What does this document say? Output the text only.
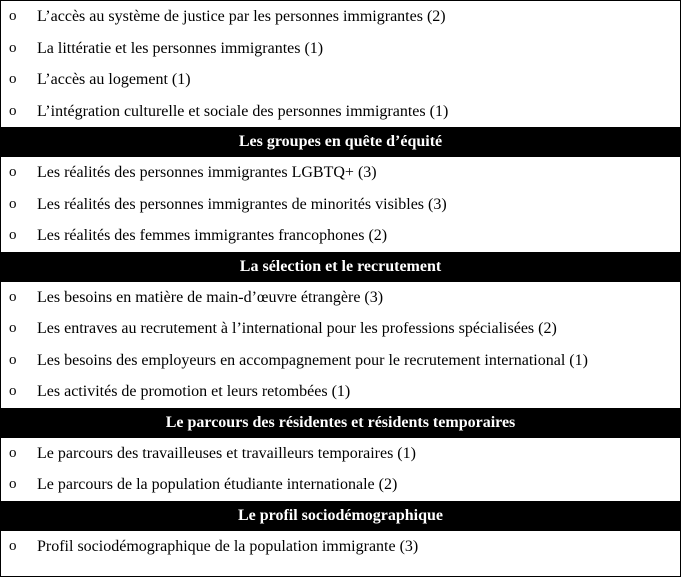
o L’accès au système de justice par les personnes immigrantes (2)
o La littératie et les personnes immigrantes (1)
o L’accès au logement (1)
o L’intégration culturelle et sociale des personnes immigrantes (1)
Les groupes en quête d’équité
o Les réalités des personnes immigrantes LGBTQ+ (3)
o Les réalités des personnes immigrantes de minorités visibles (3)
o Les réalités des femmes immigrantes francophones (2)
La sélection et le recrutement
o Les besoins en matière de main-d’œuvre étrangère (3)
o Les entraves au recrutement à l’international pour les professions spécialisées (2)
o Les besoins des employeurs en accompagnement pour le recrutement international (1)
o Les activités de promotion et leurs retombées (1)
Le parcours des résidentes et résidents temporaires
o Le parcours des travailleuses et travailleurs temporaires (1)
o Le parcours de la population étudiante internationale (2)
Le profil sociodémographique
o Profil sociodémographique de la population immigrante (3)
